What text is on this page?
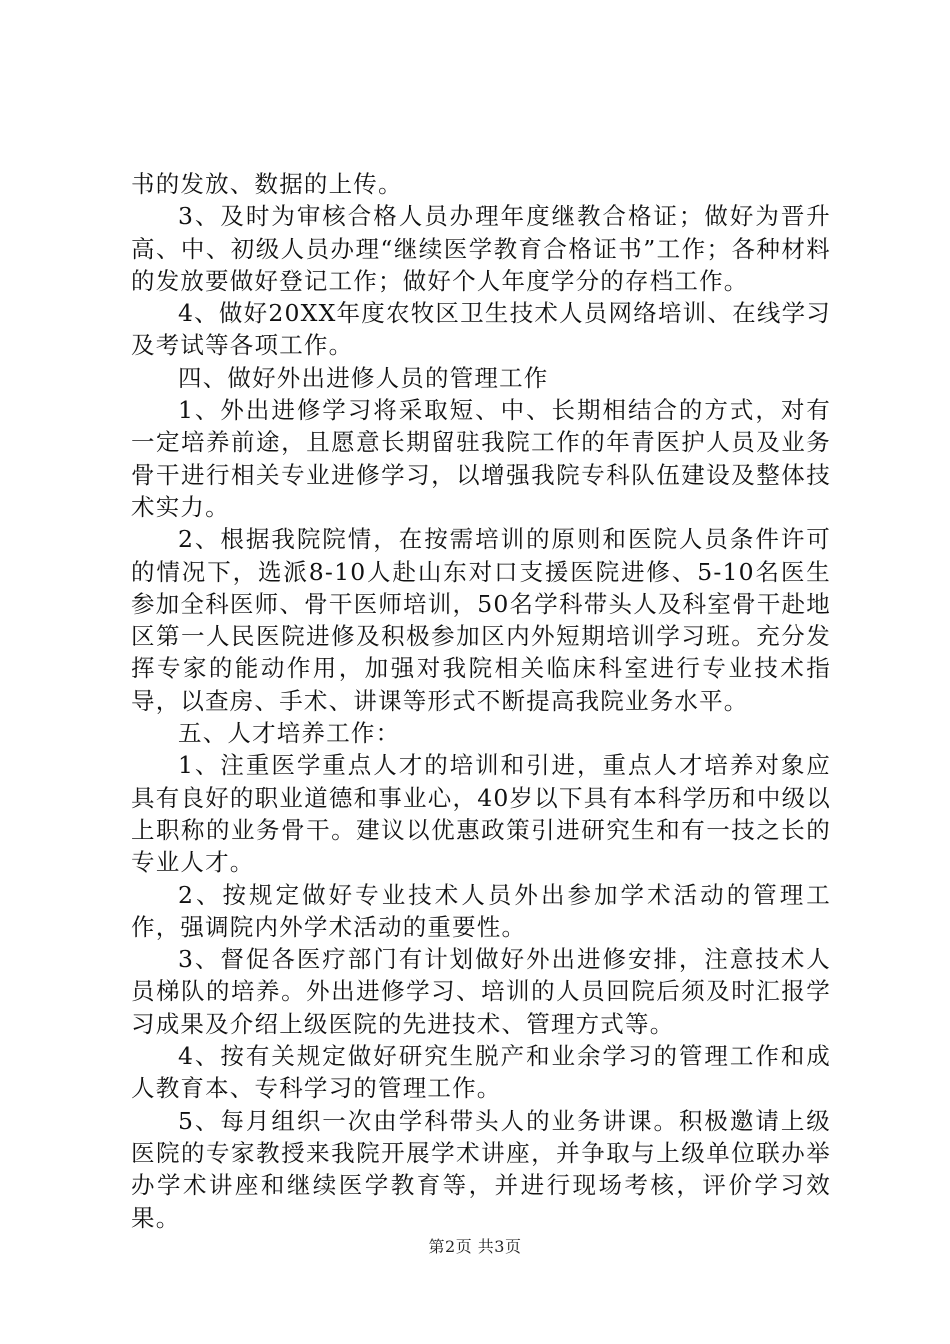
书的发放、数据的上传。

3、及时为审核合格人员办理年度继教合格证；做好为晋升高、中、初级人员办理“继续医学教育合格证书”工作；各种材料的发放要做好登记工作；做好个人年度学分的存档工作。

4、做好20XX年度农牧区卫生技术人员网络培训、在线学习及考试等各项工作。

四、做好外出进修人员的管理工作

1、外出进修学习将采取短、中、长期相结合的方式，对有一定培养前途，且愿意长期留驻我院工作的年青医护人员及业务骨干进行相关专业进修学习，以增强我院专科队伍建设及整体技术实力。

2、根据我院院情，在按需培训的原则和医院人员条件许可的情况下，选派8-10人赴山东对口支援医院进修、5-10名医生参加全科医师、骨干医师培训，50名学科带头人及科室骨干赴地区第一人民医院进修及积极参加区内外短期培训学习班。充分发挥专家的能动作用，加强对我院相关临床科室进行专业技术指导，以查房、手术、讲课等形式不断提高我院业务水平。

五、人才培养工作：

1、注重医学重点人才的培训和引进，重点人才培养对象应具有良好的职业道德和事业心，40岁以下具有本科学历和中级以上职称的业务骨干。建议以优惠政策引进研究生和有一技之长的专业人才。

2、按规定做好专业技术人员外出参加学术活动的管理工作，强调院内外学术活动的重要性。

3、督促各医疗部门有计划做好外出进修安排，注意技术人员梯队的培养。外出进修学习、培训的人员回院后须及时汇报学习成果及介绍上级医院的先进技术、管理方式等。

4、按有关规定做好研究生脱产和业余学习的管理工作和成人教育本、专科学习的管理工作。

5、每月组织一次由学科带头人的业务讲课。积极邀请上级医院的专家教授来我院开展学术讲座，并争取与上级单位联办举办学术讲座和继续医学教育等，并进行现场考核，评价学习效果。

第2页 共3页
